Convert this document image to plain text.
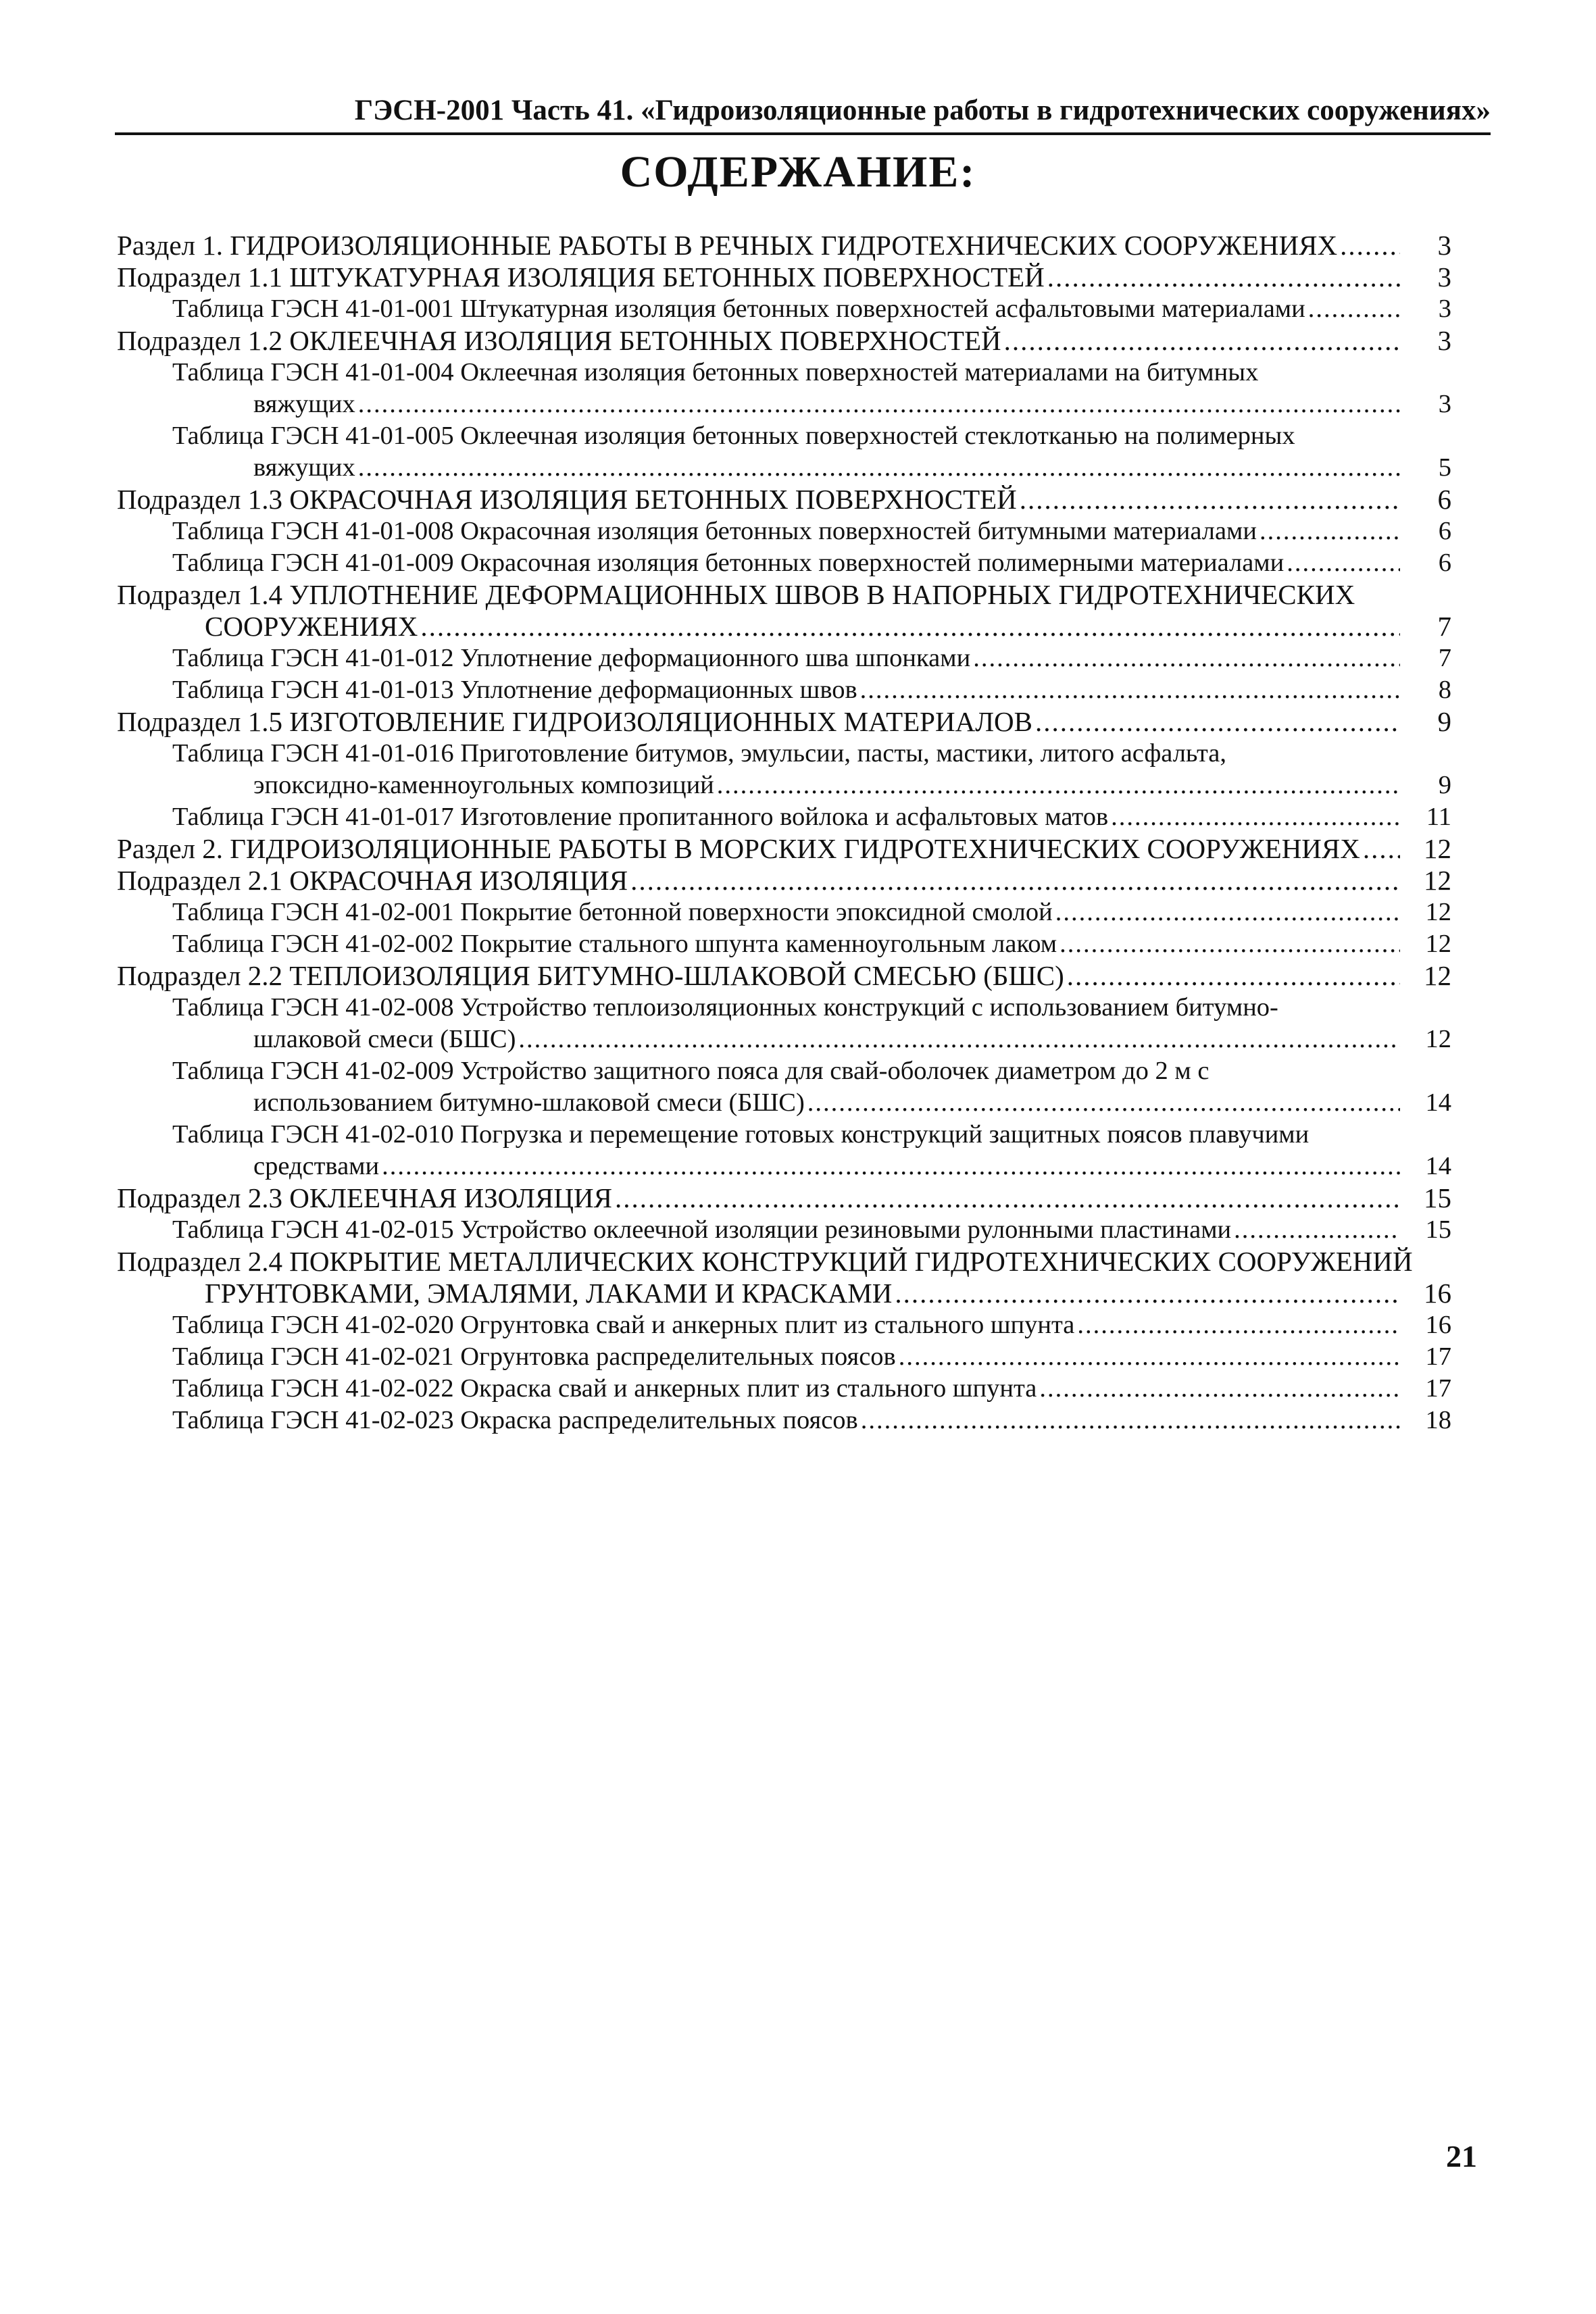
ГЭСН-2001 Часть 41. «Гидроизоляционные работы в гидротехнических сооружениях»
СОДЕРЖАНИЕ:
Раздел 1. ГИДРОИЗОЛЯЦИОННЫЕ РАБОТЫ В РЕЧНЫХ ГИДРОТЕХНИЧЕСКИХ СООРУЖЕНИЯХ .....	3
Подраздел 1.1 ШТУКАТУРНАЯ ИЗОЛЯЦИЯ БЕТОННЫХ ПОВЕРХНОСТЕЙ .....	3
Таблица ГЭСН 41-01-001 Штукатурная изоляция бетонных поверхностей асфальтовыми материалами .....	3
Подраздел 1.2 ОКЛЕЕЧНАЯ ИЗОЛЯЦИЯ БЕТОННЫХ ПОВЕРХНОСТЕЙ .....	3
Таблица ГЭСН 41-01-004 Оклеечная изоляция бетонных поверхностей материалами на битумных
вяжущих .....	3
Таблица ГЭСН 41-01-005 Оклеечная изоляция бетонных поверхностей стеклотканью на полимерных
вяжущих .....	5
Подраздел 1.3 ОКРАСОЧНАЯ ИЗОЛЯЦИЯ БЕТОННЫХ ПОВЕРХНОСТЕЙ .....	6
Таблица ГЭСН 41-01-008 Окрасочная изоляция бетонных поверхностей битумными материалами .....	6
Таблица ГЭСН 41-01-009 Окрасочная изоляция бетонных поверхностей полимерными материалами .....	6
Подраздел 1.4 УПЛОТНЕНИЕ ДЕФОРМАЦИОННЫХ ШВОВ В НАПОРНЫХ ГИДРОТЕХНИЧЕСКИХ
СООРУЖЕНИЯХ .....	7
Таблица ГЭСН 41-01-012 Уплотнение деформационного шва шпонками .....	7
Таблица ГЭСН 41-01-013 Уплотнение деформационных швов .....	8
Подраздел 1.5 ИЗГОТОВЛЕНИЕ ГИДРОИЗОЛЯЦИОННЫХ МАТЕРИАЛОВ .....	9
Таблица ГЭСН 41-01-016 Приготовление битумов, эмульсии, пасты, мастики, литого асфальта,
эпоксидно-каменноугольных композиций .....	9
Таблица ГЭСН 41-01-017 Изготовление пропитанного войлока и асфальтовых матов .....	11
Раздел 2. ГИДРОИЗОЛЯЦИОННЫЕ РАБОТЫ В МОРСКИХ ГИДРОТЕХНИЧЕСКИХ СООРУЖЕНИЯХ .....	12
Подраздел 2.1 ОКРАСОЧНАЯ ИЗОЛЯЦИЯ .....	12
Таблица ГЭСН 41-02-001 Покрытие бетонной поверхности эпоксидной смолой .....	12
Таблица ГЭСН 41-02-002 Покрытие стального шпунта каменноугольным лаком .....	12
Подраздел 2.2 ТЕПЛОИЗОЛЯЦИЯ БИТУМНО-ШЛАКОВОЙ СМЕСЬЮ (БШС) .....	12
Таблица ГЭСН 41-02-008 Устройство теплоизоляционных конструкций с использованием битумно-
шлаковой смеси (БШС) .....	12
Таблица ГЭСН 41-02-009 Устройство защитного пояса для свай-оболочек диаметром до 2 м с
использованием битумно-шлаковой смеси (БШС) .....	14
Таблица ГЭСН 41-02-010 Погрузка и перемещение готовых конструкций защитных поясов плавучими
средствами .....	14
Подраздел 2.3 ОКЛЕЕЧНАЯ ИЗОЛЯЦИЯ .....	15
Таблица ГЭСН 41-02-015 Устройство оклеечной изоляции резиновыми рулонными пластинами .....	15
Подраздел 2.4 ПОКРЫТИЕ МЕТАЛЛИЧЕСКИХ КОНСТРУКЦИЙ ГИДРОТЕХНИЧЕСКИХ СООРУЖЕНИЙ
ГРУНТОВКАМИ, ЭМАЛЯМИ, ЛАКАМИ И КРАСКАМИ .....	16
Таблица ГЭСН 41-02-020 Огрунтовка свай и анкерных плит из стального шпунта .....	16
Таблица ГЭСН 41-02-021 Огрунтовка распределительных поясов .....	17
Таблица ГЭСН 41-02-022 Окраска свай и анкерных плит из стального шпунта .....	17
Таблица ГЭСН 41-02-023 Окраска распределительных поясов .....	18
21
